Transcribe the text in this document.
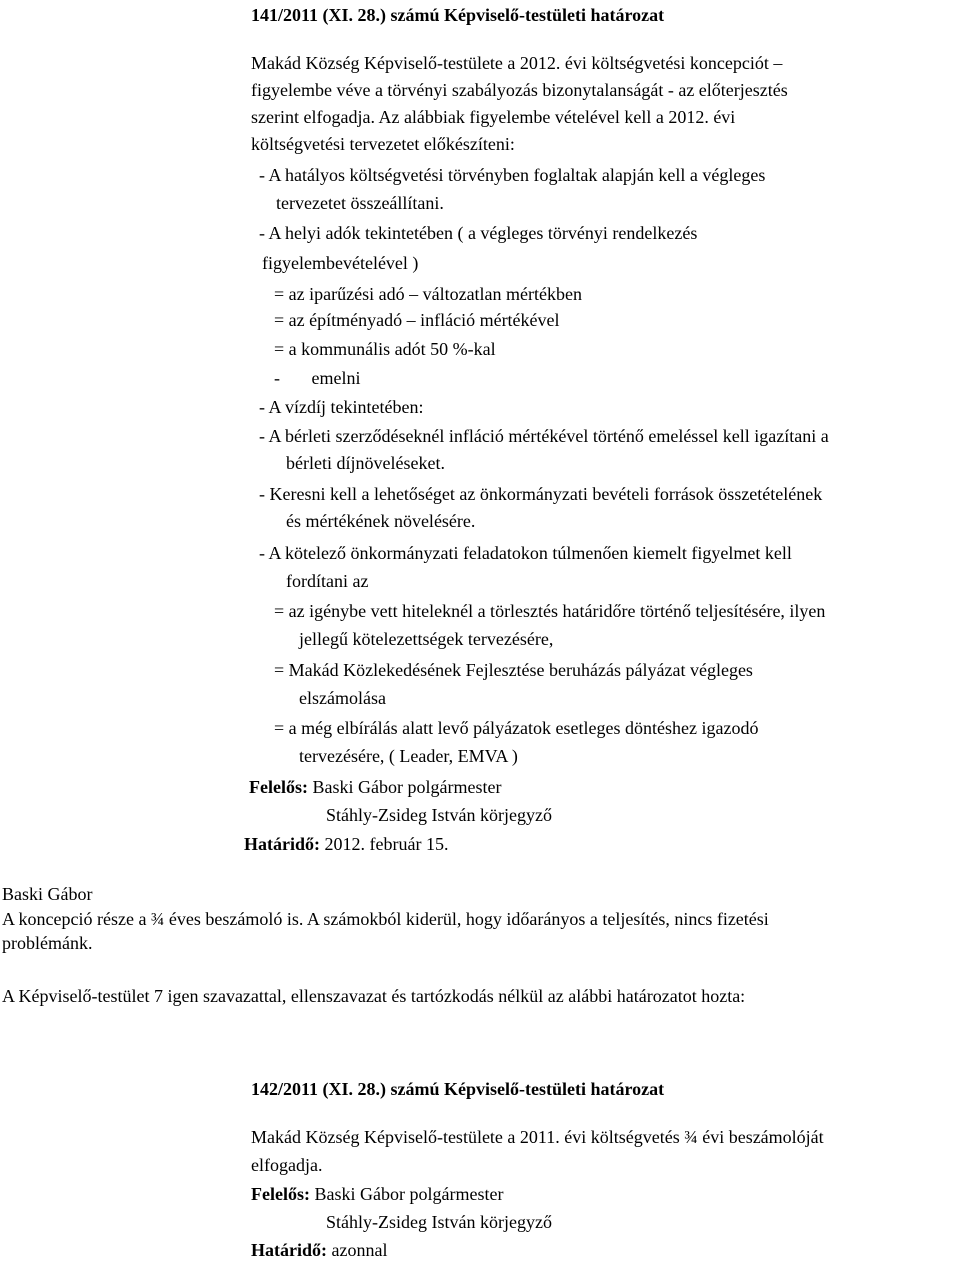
141/2011 (XI. 28.) számú Képviselő-testületi határozat
Makád Község Képviselő-testülete a 2012. évi költségvetési koncepciót –
figyelembe véve a törvényi szabályozás bizonytalanságát - az előterjesztés
szerint elfogadja. Az alábbiak figyelembe vételével kell a 2012. évi
költségvetési tervezetet előkészíteni:
- A hatályos költségvetési törvényben foglaltak alapján kell a végleges
tervezetet összeállítani.
- A helyi adók tekintetében ( a végleges törvényi rendelkezés
figyelembevételével )
= az iparűzési adó – változatlan mértékben
= az építményadó – infláció mértékével
= a kommunális adót 50 %-kal
-       emelni
- A vízdíj tekintetében:
- A bérleti szerződéseknél infláció mértékével történő emeléssel kell igazítani a
bérleti díjnöveléseket.
- Keresni kell a lehetőséget az önkormányzati bevételi források összetételének
és mértékének növelésére.
- A kötelező önkormányzati feladatokon túlmenően kiemelt figyelmet kell
fordítani az
= az igénybe vett hiteleknél a törlesztés határidőre történő teljesítésére, ilyen
jellegű kötelezettségek tervezésére,
= Makád Közlekedésének Fejlesztése beruházás pályázat végleges
elszámolása
= a még elbírálás alatt levő pályázatok esetleges döntéshez igazodó
tervezésére, ( Leader, EMVA )
Felelős: Baski Gábor polgármester
Stáhly-Zsideg István körjegyző
Határidő: 2012. február 15.
Baski Gábor
A koncepció része a ¾ éves beszámoló is. A számokból kiderül, hogy időarányos a teljesítés, nincs fizetési
problémánk.
A Képviselő-testület 7 igen szavazattal, ellenszavazat és tartózkodás nélkül az alábbi határozatot hozta:
142/2011 (XI. 28.) számú Képviselő-testületi határozat
Makád Község Képviselő-testülete a 2011. évi költségvetés ¾ évi beszámolóját
elfogadja.
Felelős: Baski Gábor polgármester
Stáhly-Zsideg István körjegyző
Határidő: azonnal
